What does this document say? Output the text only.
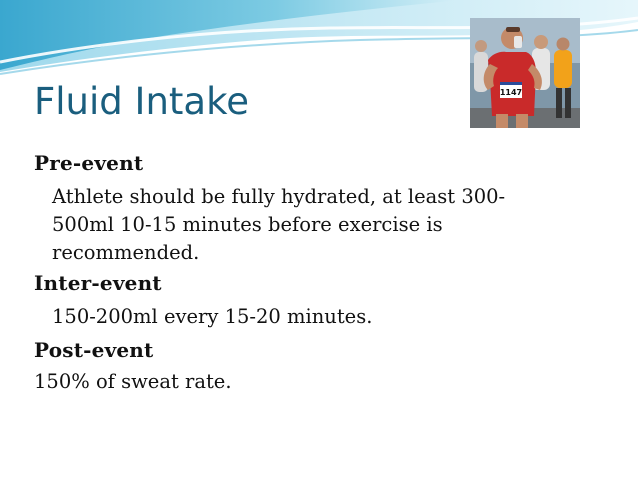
1147
Fluid Intake

Pre-event

Athlete should be fully hydrated, at least 300-

500ml 10-15 minutes before exercise is

recommended.

Inter-event

150-200ml every 15-20 minutes.

Post-event

150% of sweat rate.
